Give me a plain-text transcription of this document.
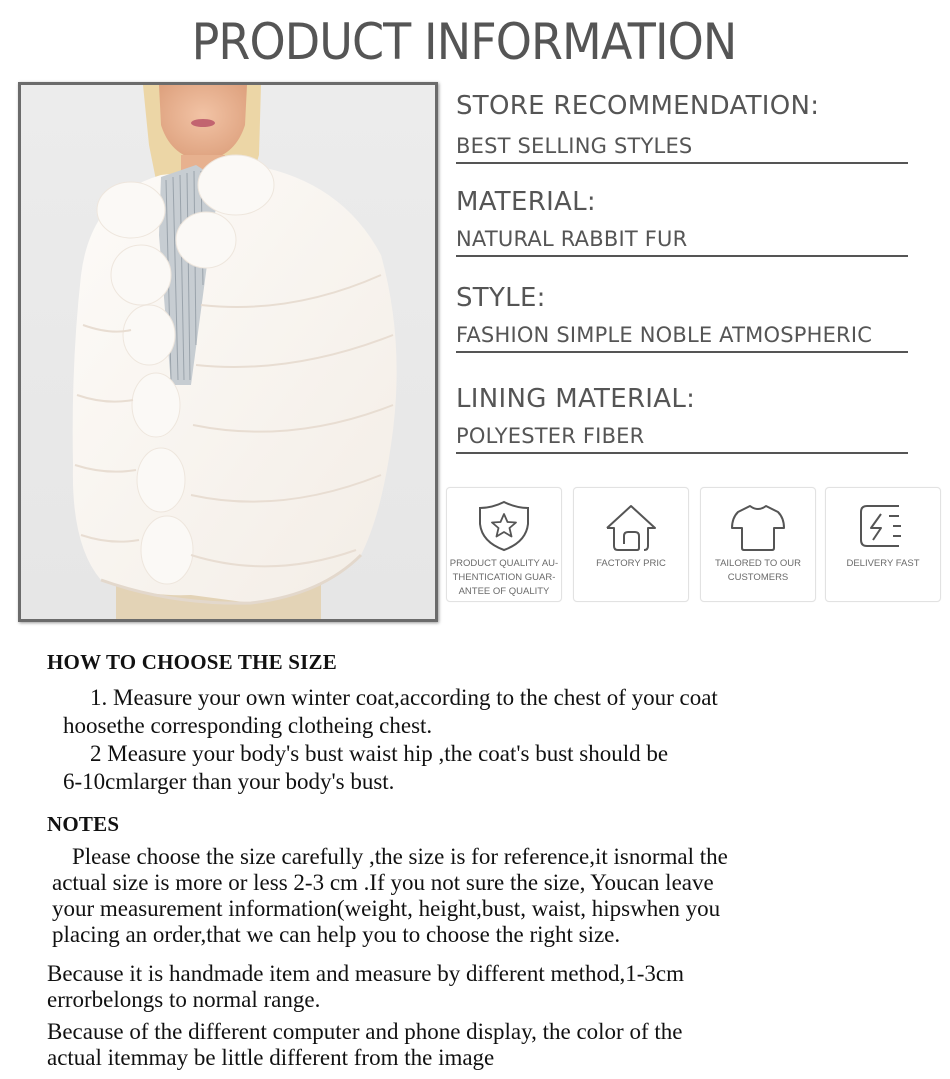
PRODUCT INFORMATION
STORE RECOMMENDATION:
BEST SELLING STYLES
MATERIAL:
NATURAL RABBIT FUR
STYLE:
FASHION SIMPLE NOBLE ATMOSPHERIC
LINING MATERIAL:
POLYESTER FIBER
PRODUCT QUALITY AU-
THENTICATION GUAR-
ANTEE OF QUALITY
FACTORY PRIC	TAILORED TO OUR
CUSTOMERS
DELIVERY FAST
HOW TO CHOOSE THE SIZE
1. Measure your own winter coat,according to the chest of your coat
hoosethe corresponding clotheing chest.
2 Measure your body's bust waist hip ,the coat's bust should be
6-10cmlarger than your body's bust.
NOTES
Please choose the size carefully ,the size is for reference,it isnormal the
actual size is more or less 2-3 cm .If you not sure the size, Youcan leave
your measurement information(weight, height,bust, waist, hipswhen you
placing an order,that we can help you to choose the right size.
Because it is handmade item and measure by different method,1-3cm
errorbelongs to normal range.
Because of the different computer and phone display, the color of the
actual itemmay be little different from the image
